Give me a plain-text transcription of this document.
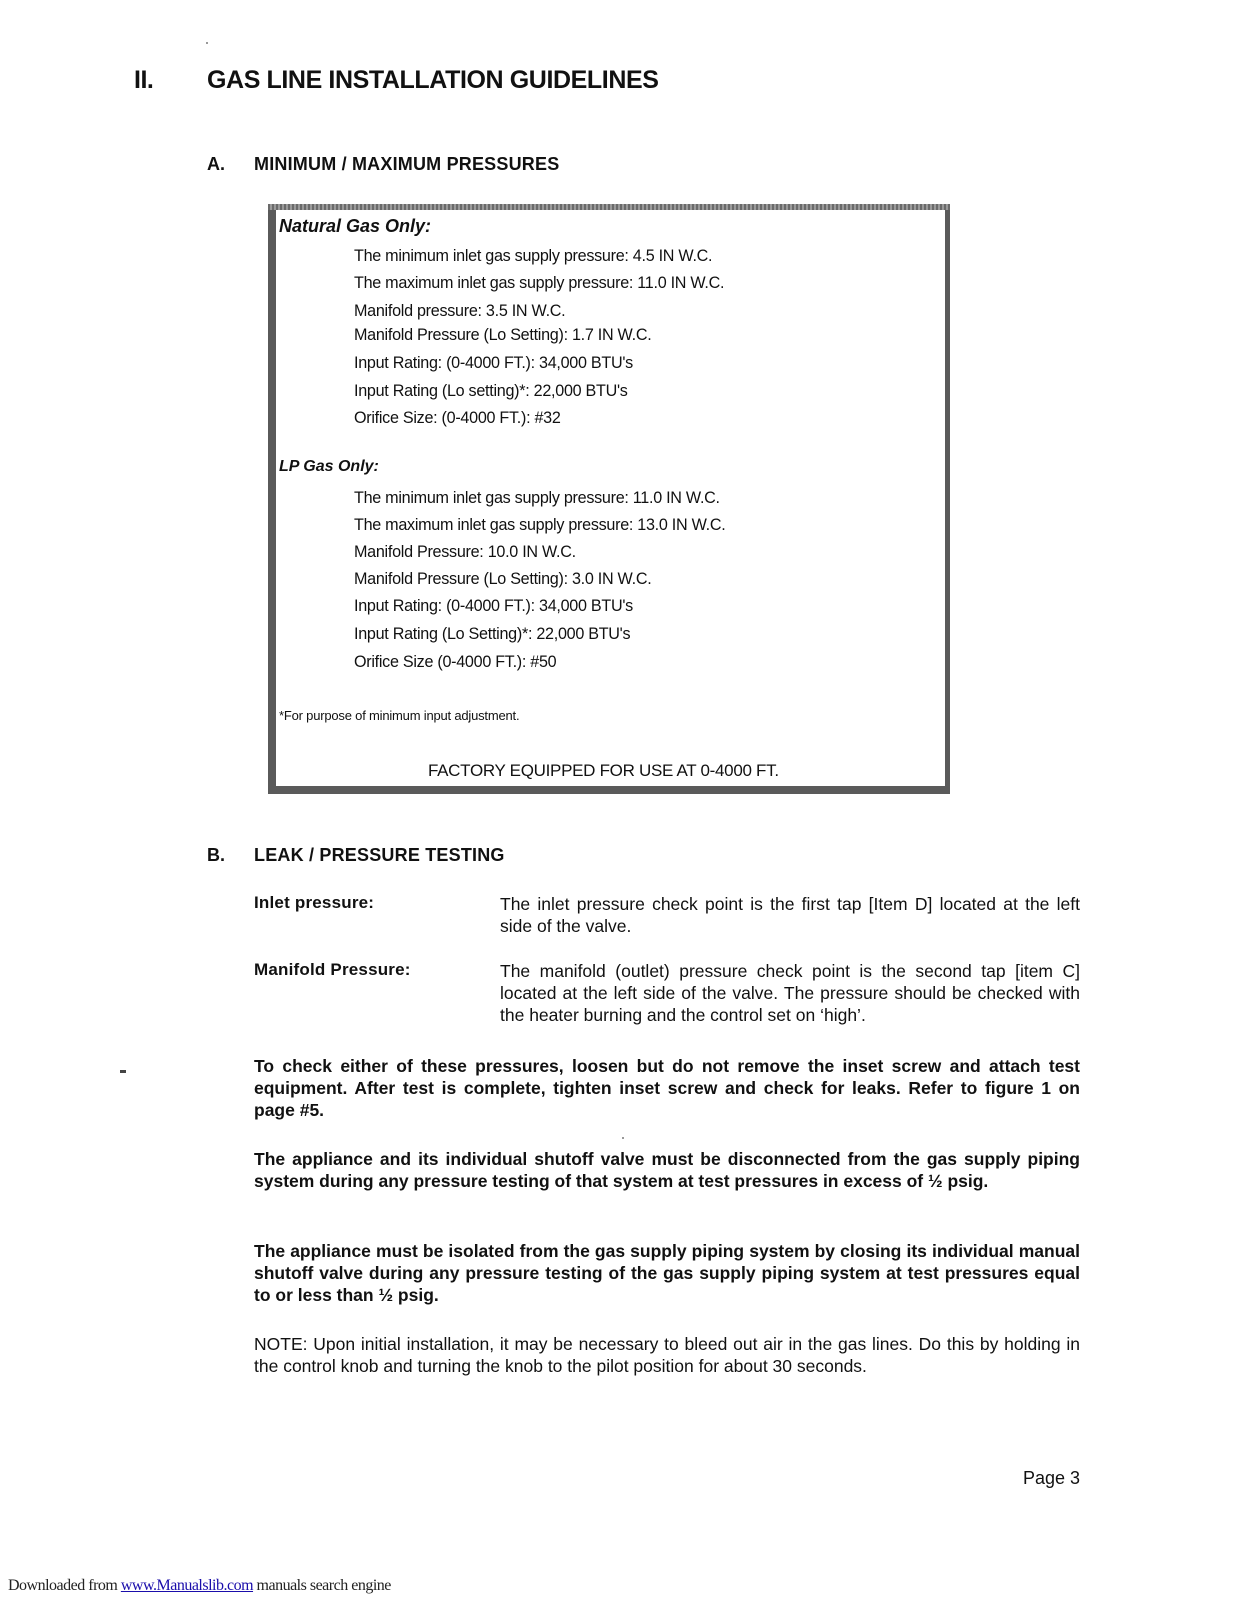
II. GAS LINE INSTALLATION GUIDELINES
A. MINIMUM / MAXIMUM PRESSURES
Natural Gas Only:
The minimum inlet gas supply pressure: 4.5 IN W.C.
The maximum inlet gas supply pressure: 11.0 IN W.C.
Manifold pressure: 3.5 IN W.C.
Manifold Pressure (Lo Setting): 1.7 IN W.C.
Input Rating: (0-4000 FT.): 34,000 BTU's
Input Rating (Lo setting)*: 22,000 BTU's
Orifice Size: (0-4000 FT.): #32
LP Gas Only:
The minimum inlet gas supply pressure: 11.0 IN W.C.
The maximum inlet gas supply pressure: 13.0 IN W.C.
Manifold Pressure: 10.0 IN W.C.
Manifold Pressure (Lo Setting): 3.0 IN W.C.
Input Rating: (0-4000 FT.): 34,000 BTU's
Input Rating (Lo Setting)*: 22,000 BTU's
Orifice Size (0-4000 FT.): #50
*For purpose of minimum input adjustment.
FACTORY EQUIPPED FOR USE AT 0-4000 FT.
B. LEAK / PRESSURE TESTING
Inlet pressure:	The inlet pressure check point is the first tap [Item D] located at the left side of the valve.
Manifold Pressure:	The manifold (outlet) pressure check point is the second tap [item C] located at the left side of the valve. The pressure should be checked with the heater burning and the control set on ‘high’.
To check either of these pressures, loosen but do not remove the inset screw and attach test equipment. After test is complete, tighten inset screw and check for leaks. Refer to figure 1 on page #5.
The appliance and its individual shutoff valve must be disconnected from the gas supply piping system during any pressure testing of that system at test pressures in excess of ½ psig.
The appliance must be isolated from the gas supply piping system by closing its individual manual shutoff valve during any pressure testing of the gas supply piping system at test pressures equal to or less than ½ psig.
NOTE: Upon initial installation, it may be necessary to bleed out air in the gas lines. Do this by holding in the control knob and turning the knob to the pilot position for about 30 seconds.
Page 3
Downloaded from www.Manualslib.com manuals search engine
